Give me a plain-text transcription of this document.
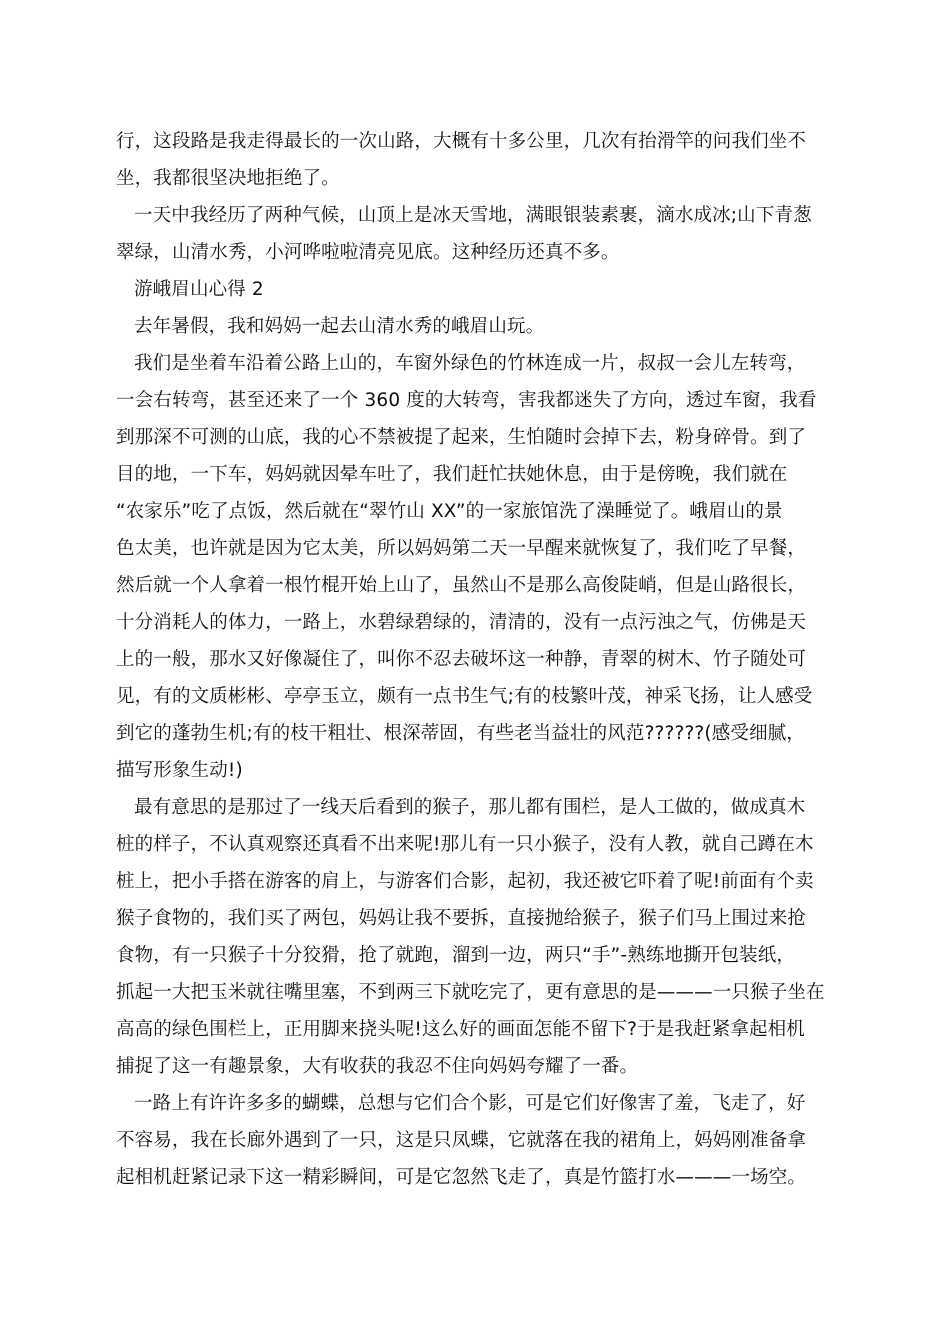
行，这段路是我走得最长的一次山路，大概有十多公里，几次有抬滑竿的问我们坐不
坐，我都很坚决地拒绝了。
一天中我经历了两种气候，山顶上是冰天雪地，满眼银装素裹，滴水成冰;山下青葱
翠绿，山清水秀，小河哗啦啦清亮见底。这种经历还真不多。
游峨眉山心得 2
去年暑假，我和妈妈一起去山清水秀的峨眉山玩。
我们是坐着车沿着公路上山的，车窗外绿色的竹林连成一片，叔叔一会儿左转弯，
一会右转弯，甚至还来了一个 360 度的大转弯，害我都迷失了方向，透过车窗，我看
到那深不可测的山底，我的心不禁被提了起来，生怕随时会掉下去，粉身碎骨。到了
目的地，一下车，妈妈就因晕车吐了，我们赶忙扶她休息，由于是傍晚，我们就在
“农家乐”吃了点饭，然后就在“翠竹山 XX”的一家旅馆洗了澡睡觉了。峨眉山的景
色太美，也许就是因为它太美，所以妈妈第二天一早醒来就恢复了，我们吃了早餐，
然后就一个人拿着一根竹棍开始上山了，虽然山不是那么高俊陡峭，但是山路很长，
十分消耗人的体力，一路上，水碧绿碧绿的，清清的，没有一点污浊之气，仿佛是天
上的一般，那水又好像凝住了，叫你不忍去破坏这一种静，青翠的树木、竹子随处可
见，有的文质彬彬、亭亭玉立，颇有一点书生气;有的枝繁叶茂，神采飞扬，让人感受
到它的蓬勃生机;有的枝干粗壮、根深蒂固，有些老当益壮的风范??????(感受细腻，
描写形象生动!)
最有意思的是那过了一线天后看到的猴子，那儿都有围栏，是人工做的，做成真木
桩的样子，不认真观察还真看不出来呢!那儿有一只小猴子，没有人教，就自己蹲在木
桩上，把小手搭在游客的肩上，与游客们合影，起初，我还被它吓着了呢!前面有个卖
猴子食物的，我们买了两包，妈妈让我不要拆，直接抛给猴子，猴子们马上围过来抢
食物，有一只猴子十分狡猾，抢了就跑，溜到一边，两只“手”-熟练地撕开包装纸，
抓起一大把玉米就往嘴里塞，不到两三下就吃完了，更有意思的是———一只猴子坐在
高高的绿色围栏上，正用脚来挠头呢!这么好的画面怎能不留下?于是我赶紧拿起相机
捕捉了这一有趣景象，大有收获的我忍不住向妈妈夸耀了一番。
一路上有许许多多的蝴蝶，总想与它们合个影，可是它们好像害了羞，飞走了，好
不容易，我在长廊外遇到了一只，这是只凤蝶，它就落在我的裙角上，妈妈刚准备拿
起相机赶紧记录下这一精彩瞬间，可是它忽然飞走了，真是竹篮打水———一场空。
